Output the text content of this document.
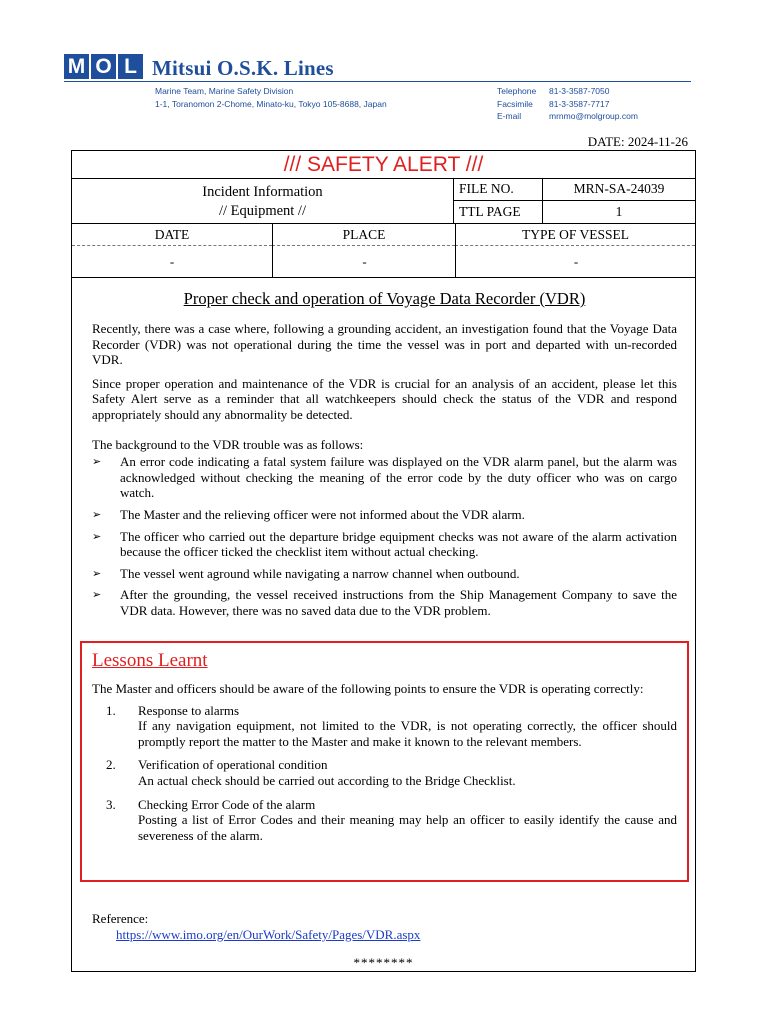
M O L Mitsui O.S.K. Lines
Marine Team, Marine Safety Division
1-1, Toranomon 2-Chome, Minato-ku, Tokyo 105-8688, Japan
Telephone	81-3-3587-7050
Facsimile	81-3-3587-7717
E-mail	mrnmo@molgroup.com
DATE: 2024-11-26
/// SAFETY ALERT ///
Incident Information
// Equipment //
FILE NO.	MRN-SA-24039
TTL PAGE	1
DATE	PLACE	TYPE OF VESSEL
-	-	-
Proper check and operation of Voyage Data Recorder (VDR)
Recently, there was a case where, following a grounding accident, an investigation found that the Voyage Data Recorder (VDR) was not operational during the time the vessel was in port and departed with un-recorded VDR.
Since proper operation and maintenance of the VDR is crucial for an analysis of an accident, please let this Safety Alert serve as a reminder that all watchkeepers should check the status of the VDR and respond appropriately should any abnormality be detected.
The background to the VDR trouble was as follows:
➢ An error code indicating a fatal system failure was displayed on the VDR alarm panel, but the alarm was acknowledged without checking the meaning of the error code by the duty officer who was on cargo watch.
➢ The Master and the relieving officer were not informed about the VDR alarm.
➢ The officer who carried out the departure bridge equipment checks was not aware of the alarm activation because the officer ticked the checklist item without actual checking.
➢ The vessel went aground while navigating a narrow channel when outbound.
➢ After the grounding, the vessel received instructions from the Ship Management Company to save the VDR data. However, there was no saved data due to the VDR problem.
Lessons Learnt
The Master and officers should be aware of the following points to ensure the VDR is operating correctly:
1.	Response to alarms
If any navigation equipment, not limited to the VDR, is not operating correctly, the officer should promptly report the matter to the Master and make it known to the relevant members.
2.	Verification of operational condition
An actual check should be carried out according to the Bridge Checklist.
3.	Checking Error Code of the alarm
Posting a list of Error Codes and their meaning may help an officer to easily identify the cause and severeness of the alarm.
Reference:
https://www.imo.org/en/OurWork/Safety/Pages/VDR.aspx
********
